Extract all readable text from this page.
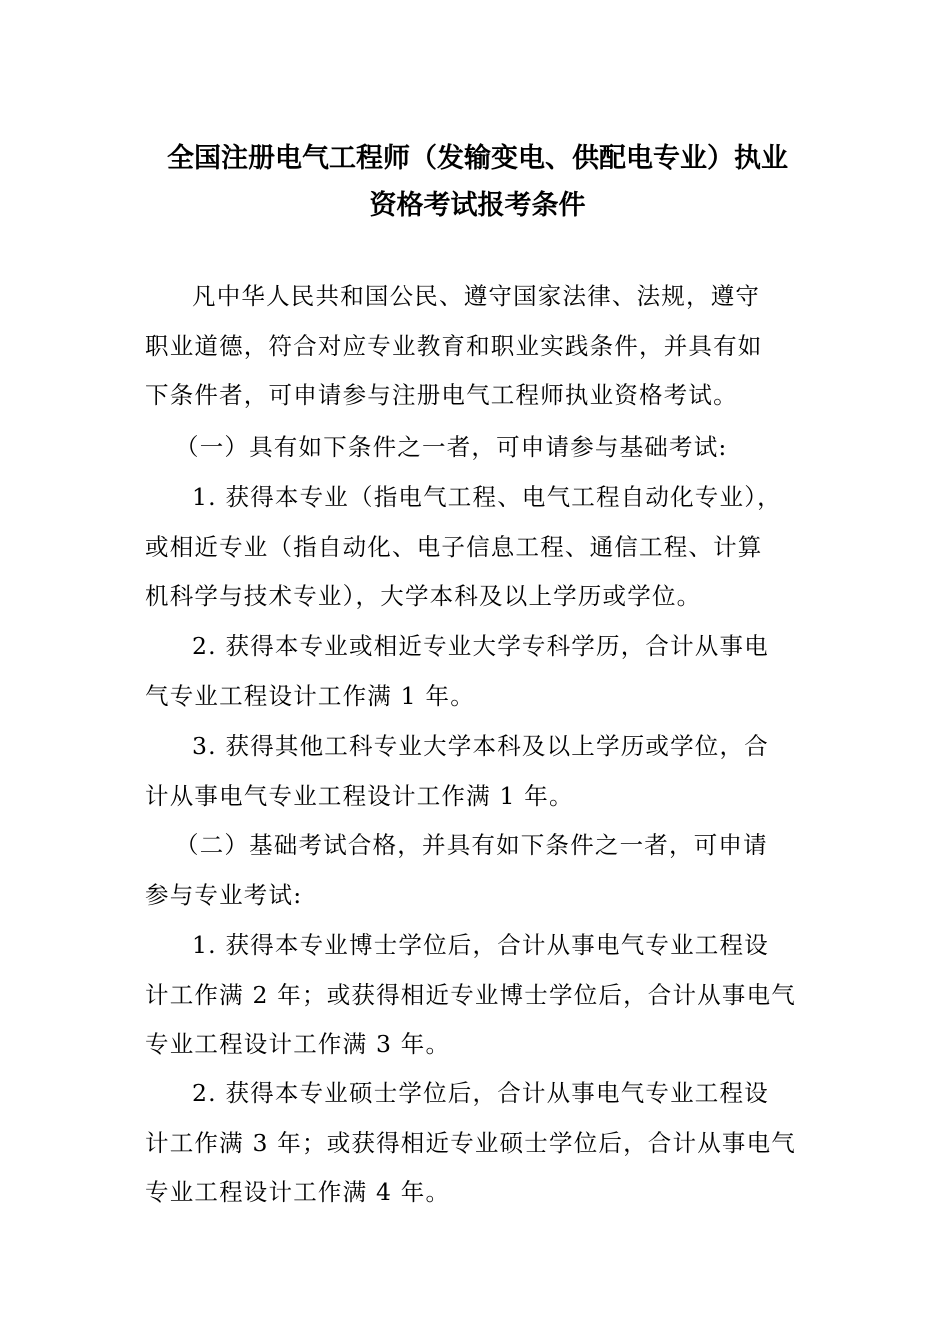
全国注册电气工程师（发输变电、供配电专业）执业
资格考试报考条件
凡中华人民共和国公民、遵守国家法律、法规，遵守
职业道德，符合对应专业教育和职业实践条件，并具有如
下条件者，可申请参与注册电气工程师执业资格考试。
（一）具有如下条件之一者，可申请参与基础考试:
1. 获得本专业（指电气工程、电气工程自动化专业），
或相近专业（指自动化、电子信息工程、通信工程、计算
机科学与技术专业），大学本科及以上学历或学位。
2. 获得本专业或相近专业大学专科学历，合计从事电
气专业工程设计工作满 1 年。
3. 获得其他工科专业大学本科及以上学历或学位，合
计从事电气专业工程设计工作满 1 年。
（二）基础考试合格，并具有如下条件之一者，可申请
参与专业考试:
1. 获得本专业博士学位后，合计从事电气专业工程设
计工作满 2 年；或获得相近专业博士学位后，合计从事电气
专业工程设计工作满 3 年。
2. 获得本专业硕士学位后，合计从事电气专业工程设
计工作满 3 年；或获得相近专业硕士学位后，合计从事电气
专业工程设计工作满 4 年。
